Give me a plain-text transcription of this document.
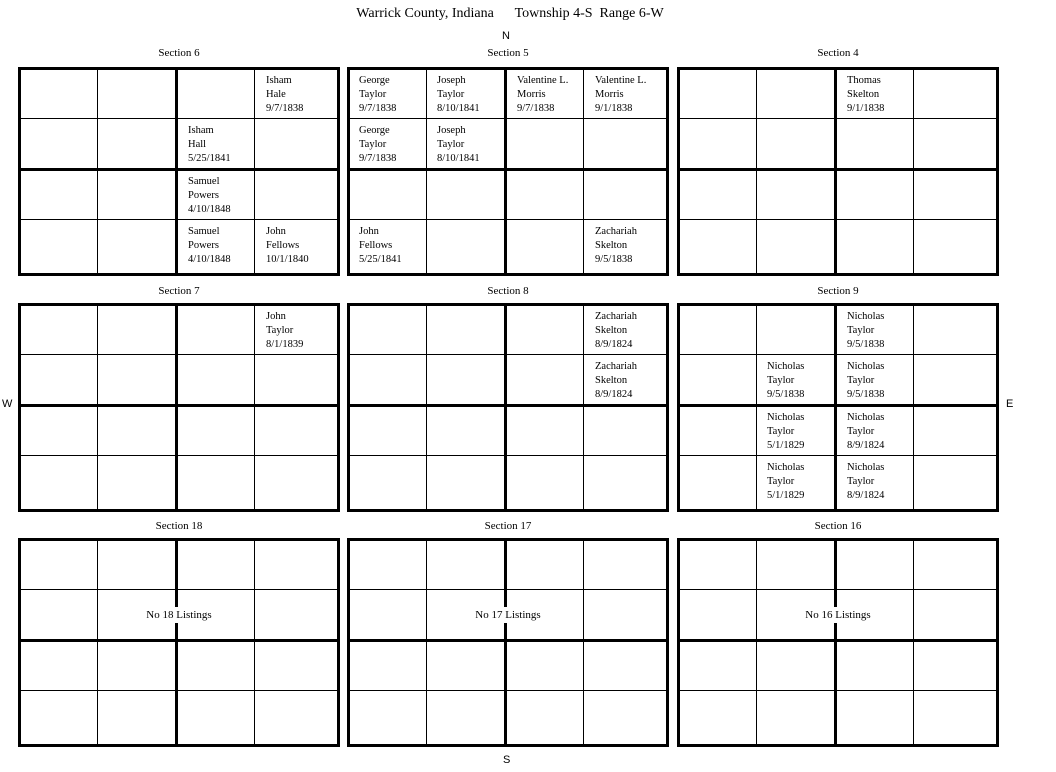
Warrick County, Indiana      Township 4-S  Range 6-W
N
S
W	E
Section 6
Isham
Hale
9/7/1838
Isham
Hall
5/25/1841
Samuel
Powers
4/10/1848
Samuel
Powers
4/10/1848
John
Fellows
10/1/1840
Section 5
George
Taylor
9/7/1838
Joseph
Taylor
8/10/1841
Valentine L.
Morris
9/7/1838
Valentine L.
Morris
9/1/1838
George
Taylor
9/7/1838
Joseph
Taylor
8/10/1841
John
Fellows
5/25/1841
Zachariah
Skelton
9/5/1838
Section 4
Thomas
Skelton
9/1/1838
Section 7
John
Taylor
8/1/1839
Section 8
Zachariah
Skelton
8/9/1824
Zachariah
Skelton
8/9/1824
Section 9
Nicholas
Taylor
9/5/1838
Nicholas
Taylor
9/5/1838
Nicholas
Taylor
9/5/1838
Nicholas
Taylor
5/1/1829
Nicholas
Taylor
8/9/1824
Nicholas
Taylor
5/1/1829
Nicholas
Taylor
8/9/1824
Section 18
No 18 Listings
Section 17
No 17 Listings
Section 16
No 16 Listings
